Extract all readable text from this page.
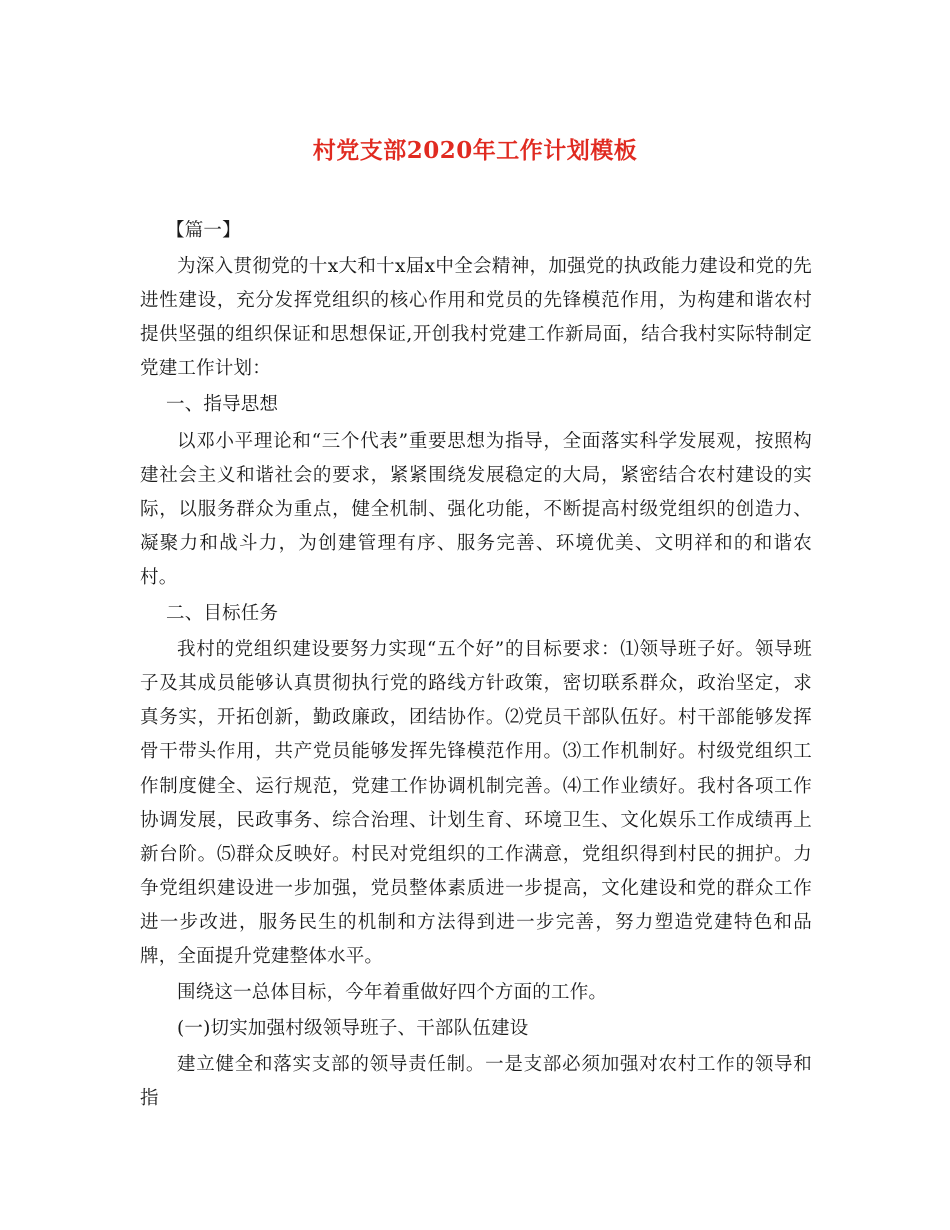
村党支部2020年工作计划模板

【篇一】

为深入贯彻党的十x大和十x届x中全会精神，加强党的执政能力建设和党的先进性建设，充分发挥党组织的核心作用和党员的先锋模范作用，为构建和谐农村提供坚强的组织保证和思想保证,开创我村党建工作新局面，结合我村实际特制定党建工作计划：

一、指导思想

以邓小平理论和“三个代表”重要思想为指导，全面落实科学发展观，按照构建社会主义和谐社会的要求，紧紧围绕发展稳定的大局，紧密结合农村建设的实际，以服务群众为重点，健全机制、强化功能，不断提高村级党组织的创造力、凝聚力和战斗力，为创建管理有序、服务完善、环境优美、文明祥和的和谐农村。

二、目标任务

我村的党组织建设要努力实现“五个好”的目标要求：⑴领导班子好。领导班子及其成员能够认真贯彻执行党的路线方针政策，密切联系群众，政治坚定，求真务实，开拓创新，勤政廉政，团结协作。⑵党员干部队伍好。村干部能够发挥骨干带头作用，共产党员能够发挥先锋模范作用。⑶工作机制好。村级党组织工作制度健全、运行规范，党建工作协调机制完善。⑷工作业绩好。我村各项工作协调发展，民政事务、综合治理、计划生育、环境卫生、文化娱乐工作成绩再上新台阶。⑸群众反映好。村民对党组织的工作满意，党组织得到村民的拥护。力争党组织建设进一步加强，党员整体素质进一步提高，文化建设和党的群众工作进一步改进，服务民生的机制和方法得到进一步完善，努力塑造党建特色和品牌，全面提升党建整体水平。

围绕这一总体目标，今年着重做好四个方面的工作。

(一)切实加强村级领导班子、干部队伍建设

建立健全和落实支部的领导责任制。一是支部必须加强对农村工作的领导和指
